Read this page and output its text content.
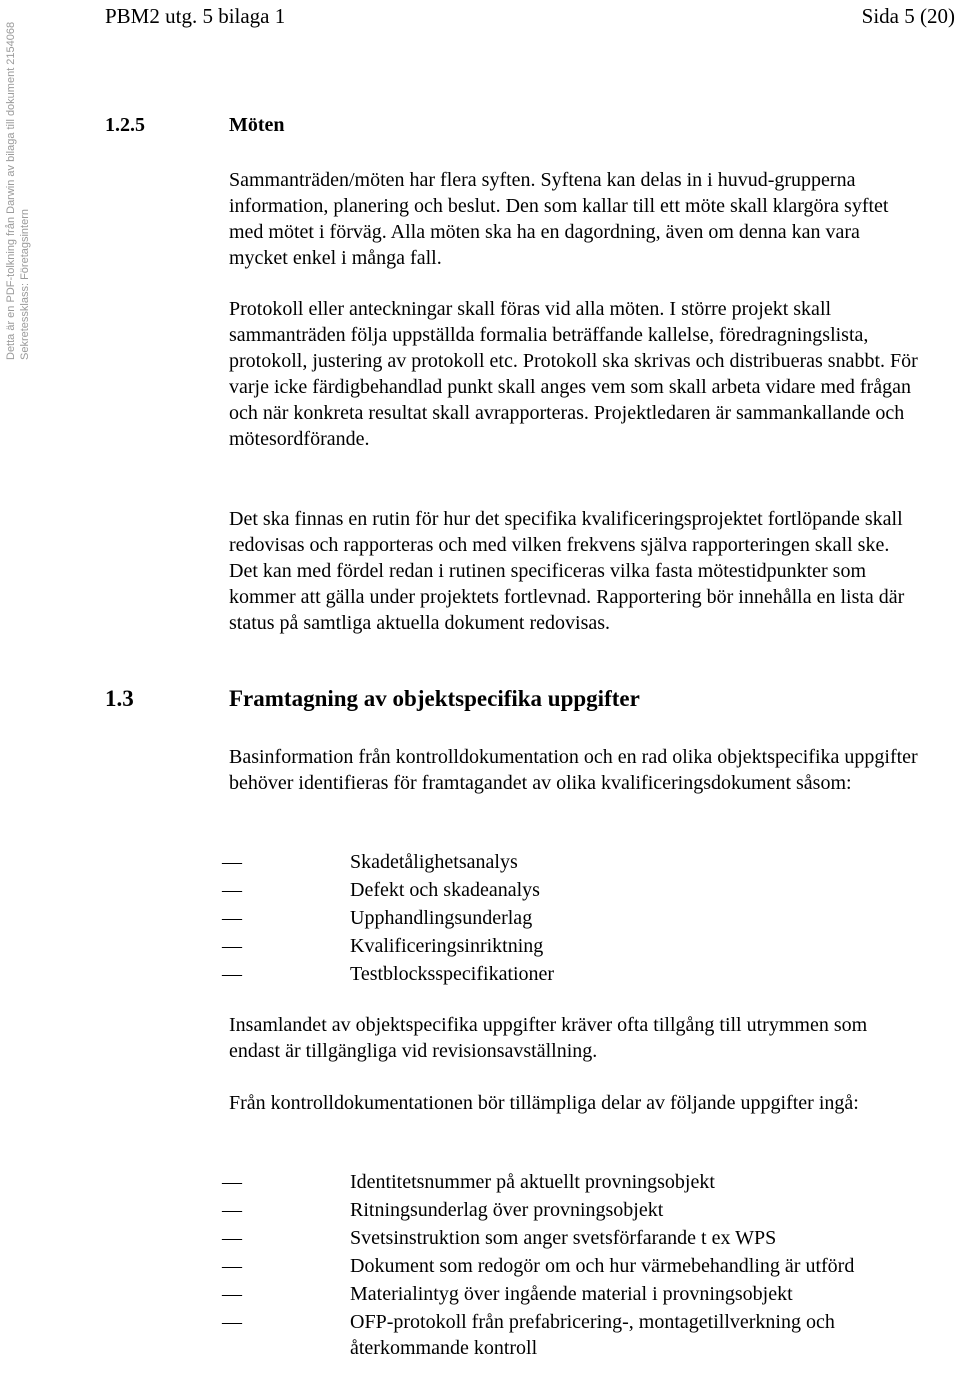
Detta är en PDF-tolkning från Darwin av bilaga till dokument 2154068 Sekretessklass: Företagsintern
PBM2 utg. 5 bilaga 1	Sida 5 (20)
1.2.5	Möten
Sammanträden/möten har flera syften. Syftena kan delas in i huvud-grupperna information, planering och beslut. Den som kallar till ett möte skall klargöra syftet med mötet i förväg. Alla möten ska ha en dagordning, även om denna kan vara mycket enkel i många fall.
Protokoll eller anteckningar skall föras vid alla möten. I större projekt skall sammanträden följa uppställda formalia beträffande kallelse, föredragningslista, protokoll, justering av protokoll etc. Protokoll ska skrivas och distribueras snabbt. För varje icke färdigbehandlad punkt skall anges vem som skall arbeta vidare med frågan och när konkreta resultat skall avrapporteras. Projektledaren är sammankallande och mötesordförande.
Det ska finnas en rutin för hur det specifika kvalificeringsprojektet fortlöpande skall redovisas och rapporteras och med vilken frekvens själva rapporteringen skall ske. Det kan med fördel redan i rutinen specificeras vilka fasta mötestidpunkter som kommer att gälla under projektets fortlevnad. Rapportering bör innehålla en lista där status på samtliga aktuella dokument redovisas.
1.3	Framtagning av objektspecifika uppgifter
Basinformation från kontrolldokumentation och en rad olika objektspecifika uppgifter behöver identifieras för framtagandet av olika kvalificeringsdokument såsom:
—	Skadetålighetsanalys
—	Defekt och skadeanalys
—	Upphandlingsunderlag
—	Kvalificeringsinriktning
—	Testblocksspecifikationer
Insamlandet av objektspecifika uppgifter kräver ofta tillgång till utrymmen som endast är tillgängliga vid revisionsavställning.
Från kontrolldokumentationen bör tillämpliga delar av följande uppgifter ingå:
—	Identitetsnummer på aktuellt provningsobjekt
—	Ritningsunderlag över provningsobjekt
—	Svetsinstruktion som anger svetsförfarande t ex WPS
—	Dokument som redogör om och hur värmebehandling är utförd
—	Materialintyg över ingående material i provningsobjekt
—	OFP-protokoll från prefabricering-, montagetillverkning och återkommande kontroll
